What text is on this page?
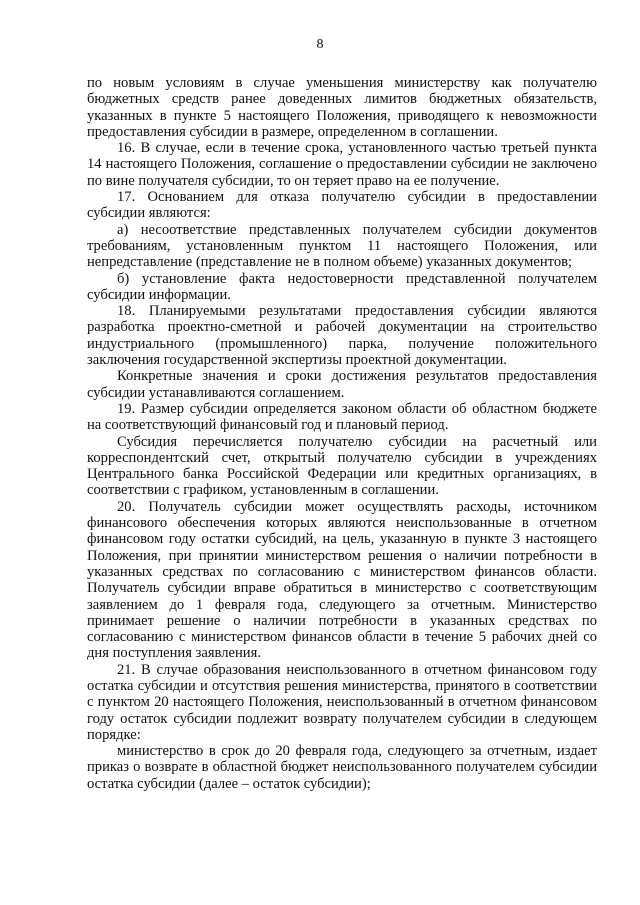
8

по новым условиям в случае уменьшения министерству как получателю бюджетных средств ранее доведенных лимитов бюджетных обязательств, указанных в пункте 5 настоящего Положения, приводящего к невозможности предоставления субсидии в размере, определенном в соглашении.

16. В случае, если в течение срока, установленного частью третьей пункта 14 настоящего Положения, соглашение о предоставлении субсидии не заключено по вине получателя субсидии, то он теряет право на ее получение.

17. Основанием для отказа получателю субсидии в предоставлении субсидии являются:

а) несоответствие представленных получателем субсидии документов требованиям, установленным пунктом 11 настоящего Положения, или непредставление (представление не в полном объеме) указанных документов;

б) установление факта недостоверности представленной получателем субсидии информации.

18. Планируемыми результатами предоставления субсидии являются разработка проектно-сметной и рабочей документации на строительство индустриального (промышленного) парка, получение положительного заключения государственной экспертизы проектной документации.

Конкретные значения и сроки достижения результатов предоставления субсидии устанавливаются соглашением.

19. Размер субсидии определяется законом области об областном бюджете на соответствующий финансовый год и плановый период.

Субсидия перечисляется получателю субсидии на расчетный или корреспондентский счет, открытый получателю субсидии в учреждениях Центрального банка Российской Федерации или кредитных организациях, в соответствии с графиком, установленным в соглашении.

20. Получатель субсидии может осуществлять расходы, источником финансового обеспечения которых являются неиспользованные в отчетном финансовом году остатки субсидий, на цель, указанную в пункте 3 настоящего Положения, при принятии министерством решения о наличии потребности в указанных средствах по согласованию с министерством финансов области. Получатель субсидии вправе обратиться в министерство с соответствующим заявлением до 1 февраля года, следующего за отчетным. Министерство принимает решение о наличии потребности в указанных средствах по согласованию с министерством финансов области в течение 5 рабочих дней со дня поступления заявления.

21. В случае образования неиспользованного в отчетном финансовом году остатка субсидии и отсутствия решения министерства, принятого в соответствии с пунктом 20 настоящего Положения, неиспользованный в отчетном финансовом году остаток субсидии подлежит возврату получателем субсидии в следующем порядке:

министерство в срок до 20 февраля года, следующего за отчетным, издает приказ о возврате в областной бюджет неиспользованного получателем субсидии остатка субсидии (далее – остаток субсидии);
